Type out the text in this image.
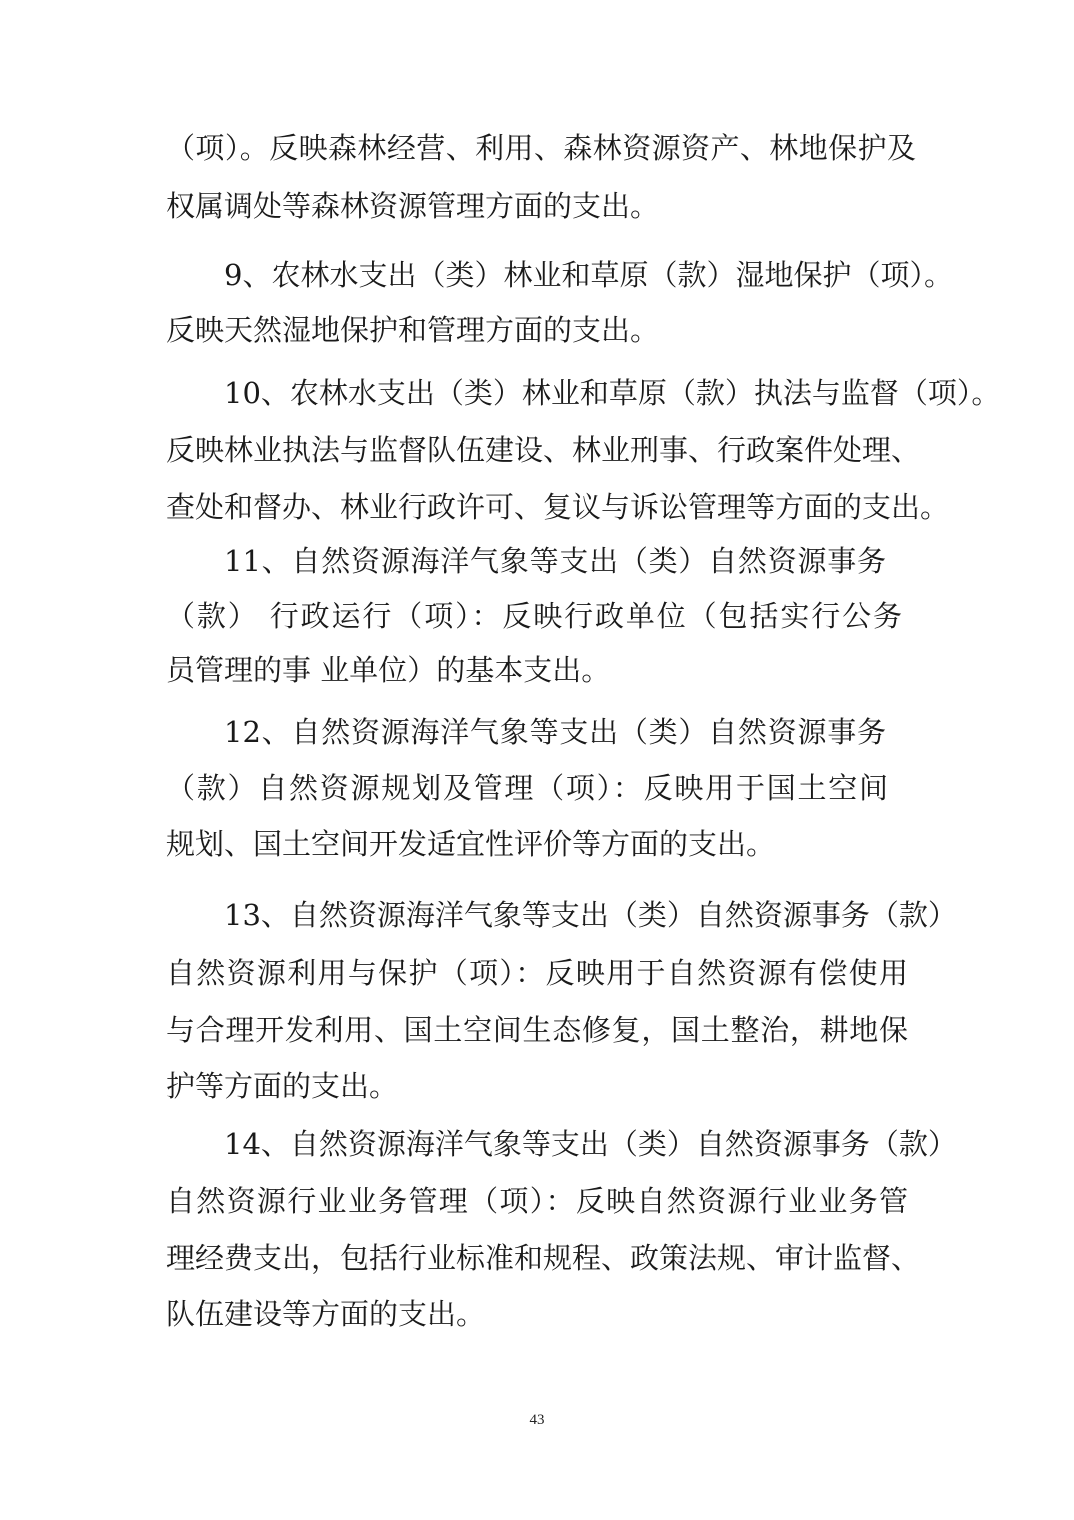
（项）。反映森林经营、利用、森林资源资产、林地保护及
权属调处等森林资源管理方面的支出。
9、农林水支出（类）林业和草原（款）湿地保护（项）。
反映天然湿地保护和管理方面的支出。
10、农林水支出（类）林业和草原（款）执法与监督（项）。
反映林业执法与监督队伍建设、林业刑事、行政案件处理、
查处和督办、林业行政许可、复议与诉讼管理等方面的支出。
11、自然资源海洋气象等支出（类）自然资源事务
（款） 行政运行（项）：反映行政单位（包括实行公务
员管理的事 业单位）的基本支出。
12、自然资源海洋气象等支出（类）自然资源事务
（款）自然资源规划及管理（项）：反映用于国土空间
规划、国土空间开发适宜性评价等方面的支出。
13、自然资源海洋气象等支出（类）自然资源事务（款）
自然资源利用与保护（项）：反映用于自然资源有偿使用
与合理开发利用、国土空间生态修复，国土整治，耕地保
护等方面的支出。
14、自然资源海洋气象等支出（类）自然资源事务（款）
自然资源行业业务管理（项）：反映自然资源行业业务管
理经费支出，包括行业标准和规程、政策法规、审计监督、
队伍建设等方面的支出。
43
